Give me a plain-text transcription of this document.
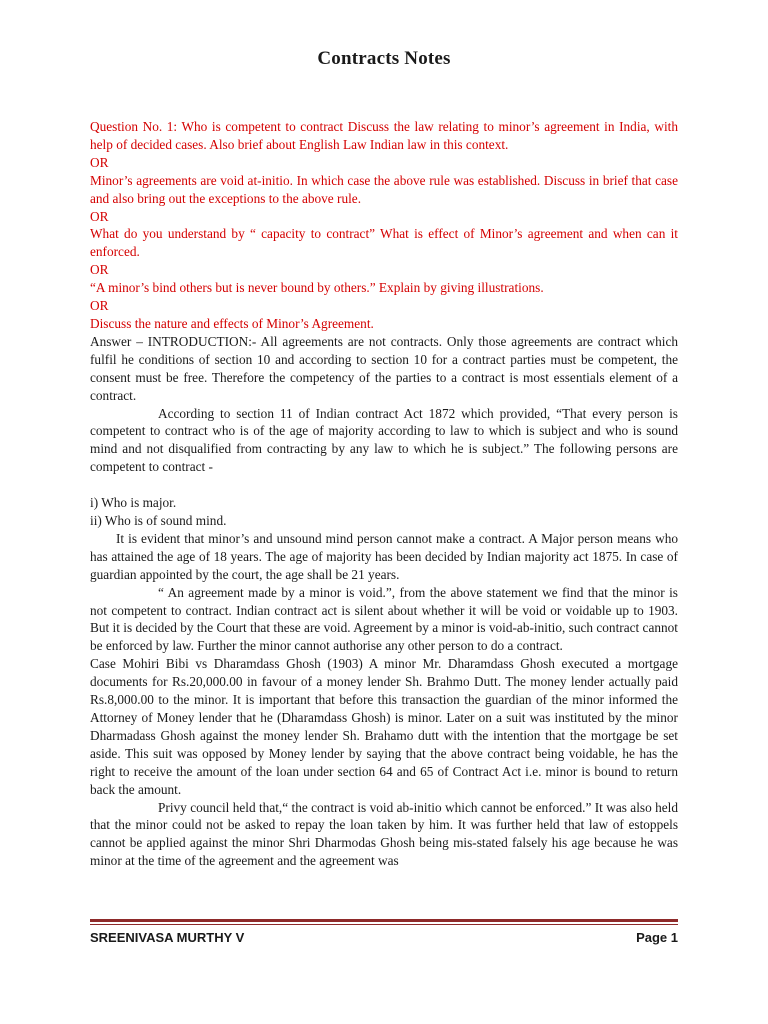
Contracts Notes

Question No. 1: Who is competent to contract Discuss the law relating to minor’s agreement in India, with help of decided cases. Also brief about English Law Indian law in this context.

OR

Minor’s agreements are void at-initio. In which case the above rule was established. Discuss in brief that case and also bring out the exceptions to the above rule.

OR

What do you understand by “ capacity to contract” What is effect of Minor’s agreement and when can it enforced.

OR

“A minor’s bind others but is never bound by others.” Explain by giving illustrations.

OR

Discuss the nature and effects of Minor’s Agreement.

Answer – INTRODUCTION:- All agreements are not contracts. Only those agreements are contract which fulfil he conditions of section 10 and according to section 10 for a contract parties must be competent, the consent must be free. Therefore the competency of the parties to a contract is most essentials element of a contract.

According to section 11 of Indian contract Act 1872 which provided, “That every person is competent to contract who is of the age of majority according to law to which is subject and who is sound mind and not disqualified from contracting by any law to which he is subject.” The following persons are competent to contract -

i) Who is major.

ii) Who is of sound mind.

It is evident that minor’s and unsound mind person cannot make a contract. A Major person means who has attained the age of 18 years. The age of majority has been decided by Indian majority act 1875. In case of guardian appointed by the court, the age shall be 21 years.

“ An agreement made by a minor is void.”, from the above statement we find that the minor is not competent to contract. Indian contract act is silent about whether it will be void or voidable up to 1903. But it is decided by the Court that these are void. Agreement by a minor is void-ab-initio, such contract cannot be enforced by law. Further the minor cannot authorise any other person to do a contract.

Case Mohiri Bibi vs Dharamdass Ghosh (1903) A minor Mr. Dharamdass Ghosh executed a mortgage documents for Rs.20,000.00 in favour of a money lender Sh. Brahmo Dutt. The money lender actually paid Rs.8,000.00 to the minor. It is important that before this transaction the guardian of the minor informed the Attorney of Money lender that he (Dharamdass Ghosh) is minor. Later on a suit was instituted by the minor Dharmadass Ghosh against the money lender Sh. Brahamo dutt with the intention that the mortgage be set aside. This suit was opposed by Money lender by saying that the above contract being voidable, he has the right to receive the amount of the loan under section 64 and 65 of Contract Act i.e. minor is bound to return back the amount.

Privy council held that,“ the contract is void ab-initio which cannot be enforced.” It was also held that the minor could not be asked to repay the loan taken by him. It was further held that law of estoppels cannot be applied against the minor Shri Dharmodas Ghosh being mis-stated falsely his age because he was minor at the time of the agreement and the agreement was

SREENIVASA MURTHY V	Page 1
